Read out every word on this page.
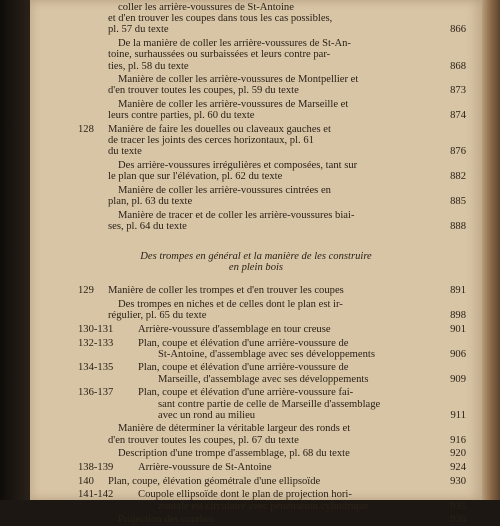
coller les arrière-voussures de St-Antoine
et d'en trouver les coupes dans tous les cas possibles,
pl. 57 du texte	866
De la manière de coller les arrière-voussures de St-An-
toine, surhaussées ou surbaissées et leurs contre par-
ties, pl. 58 du texte	868
Manière de coller les arrière-voussures de Montpellier et
d'en trouver toutes les coupes, pl. 59 du texte	873
Manière de coller les arrière-voussures de Marseille et
leurs contre parties, pl. 60 du texte	874
128 Manière de faire les douelles ou claveaux gauches et
de tracer les joints des cerces horizontaux, pl. 61
du texte	876
Des arrière-voussures irrégulières et composées, tant sur
le plan que sur l'élévation, pl. 62 du texte	882
Manière de coller les arrière-voussures cintrées en
plan, pl. 63 du texte	885
Manière de tracer et de coller les arrière-voussures biai-
ses, pl. 64 du texte	888
Des trompes en général et la manière de les construire
en plein bois
129 Manière de coller les trompes et d'en trouver les coupes	891
Des trompes en niches et de celles dont le plan est ir-
régulier, pl. 65 du texte	898
130-131 Arrière-voussure d'assemblage en tour creuse	901
132-133 Plan, coupe et élévation d'une arrière-voussure de
St-Antoine, d'assemblage avec ses développements	906
134-135 Plan, coupe et élévation d'une arrière-voussure de
Marseille, d'assemblage avec ses développements	909
136-137 Plan, coupe et élévation d'une arrière-voussure fai-
sant contre partie de celle de Marseille d'assemblage
avec un rond au milieu	911
Manière de déterminer la véritable largeur des ronds et
d'en trouver toutes les coupes, pl. 67 du texte	916
Description d'une trompe d'assemblage, pl. 68 du texte	920
138-139 Arrière-voussure de St-Antoine	924
140 Plan, coupe, élévation géométrale d'une ellipsoïde	930
141-142 Coupole ellipsoïde dont le plan de projection hori-
zontale est circulaire avec pénétration cylindrique	935
Projection des courbes	936
